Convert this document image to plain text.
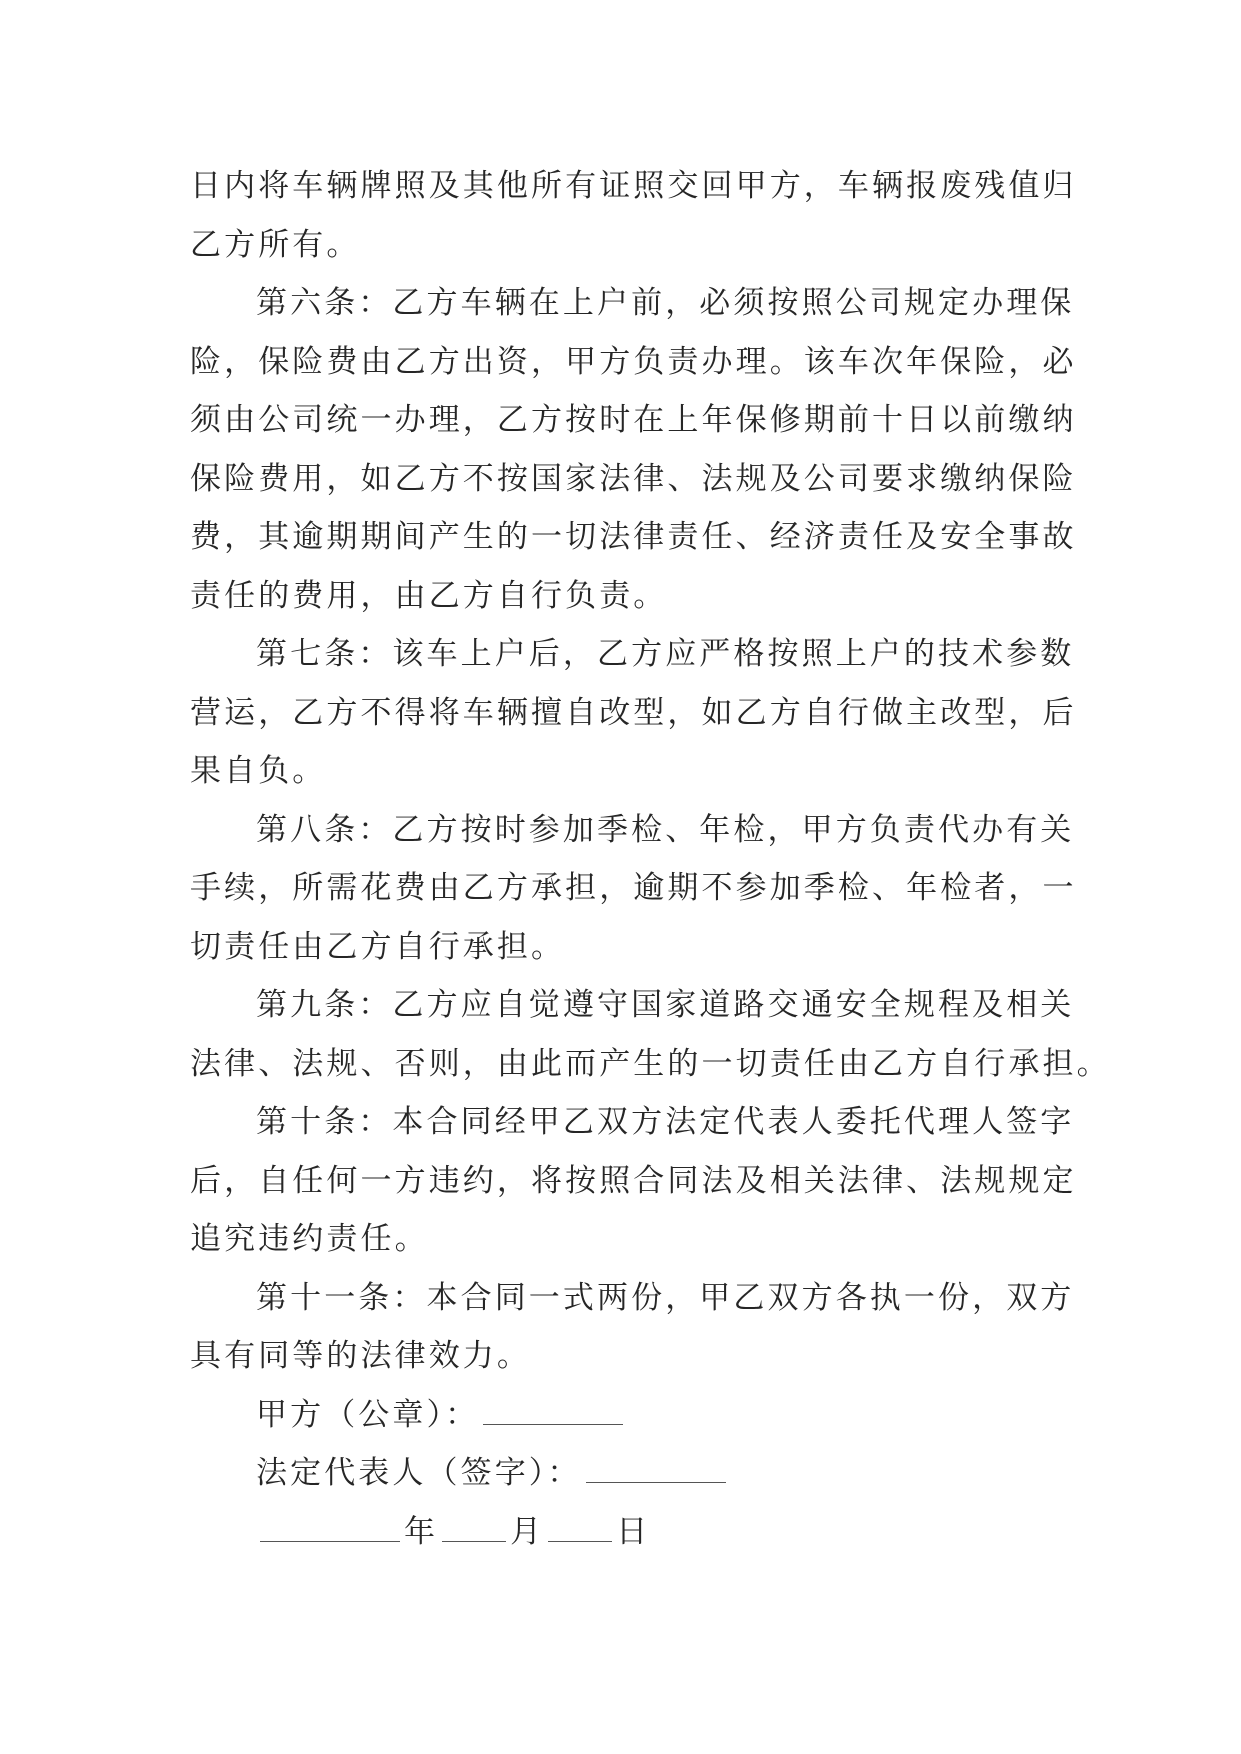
日内将车辆牌照及其他所有证照交回甲方，车辆报废残值归
乙方所有。
第六条：乙方车辆在上户前，必须按照公司规定办理保
险，保险费由乙方出资，甲方负责办理。该车次年保险，必
须由公司统一办理，乙方按时在上年保修期前十日以前缴纳
保险费用，如乙方不按国家法律、法规及公司要求缴纳保险
费，其逾期期间产生的一切法律责任、经济责任及安全事故
责任的费用，由乙方自行负责。
第七条：该车上户后，乙方应严格按照上户的技术参数
营运，乙方不得将车辆擅自改型，如乙方自行做主改型，后
果自负。
第八条：乙方按时参加季检、年检，甲方负责代办有关
手续，所需花费由乙方承担，逾期不参加季检、年检者，一
切责任由乙方自行承担。
第九条：乙方应自觉遵守国家道路交通安全规程及相关
法律、法规、否则，由此而产生的一切责任由乙方自行承担。
第十条：本合同经甲乙双方法定代表人委托代理人签字
后，自任何一方违约，将按照合同法及相关法律、法规规定
追究违约责任。
第十一条：本合同一式两份，甲乙双方各执一份，双方
具有同等的法律效力。
甲方（公章）：
法定代表人（签字）：
年 月 日
